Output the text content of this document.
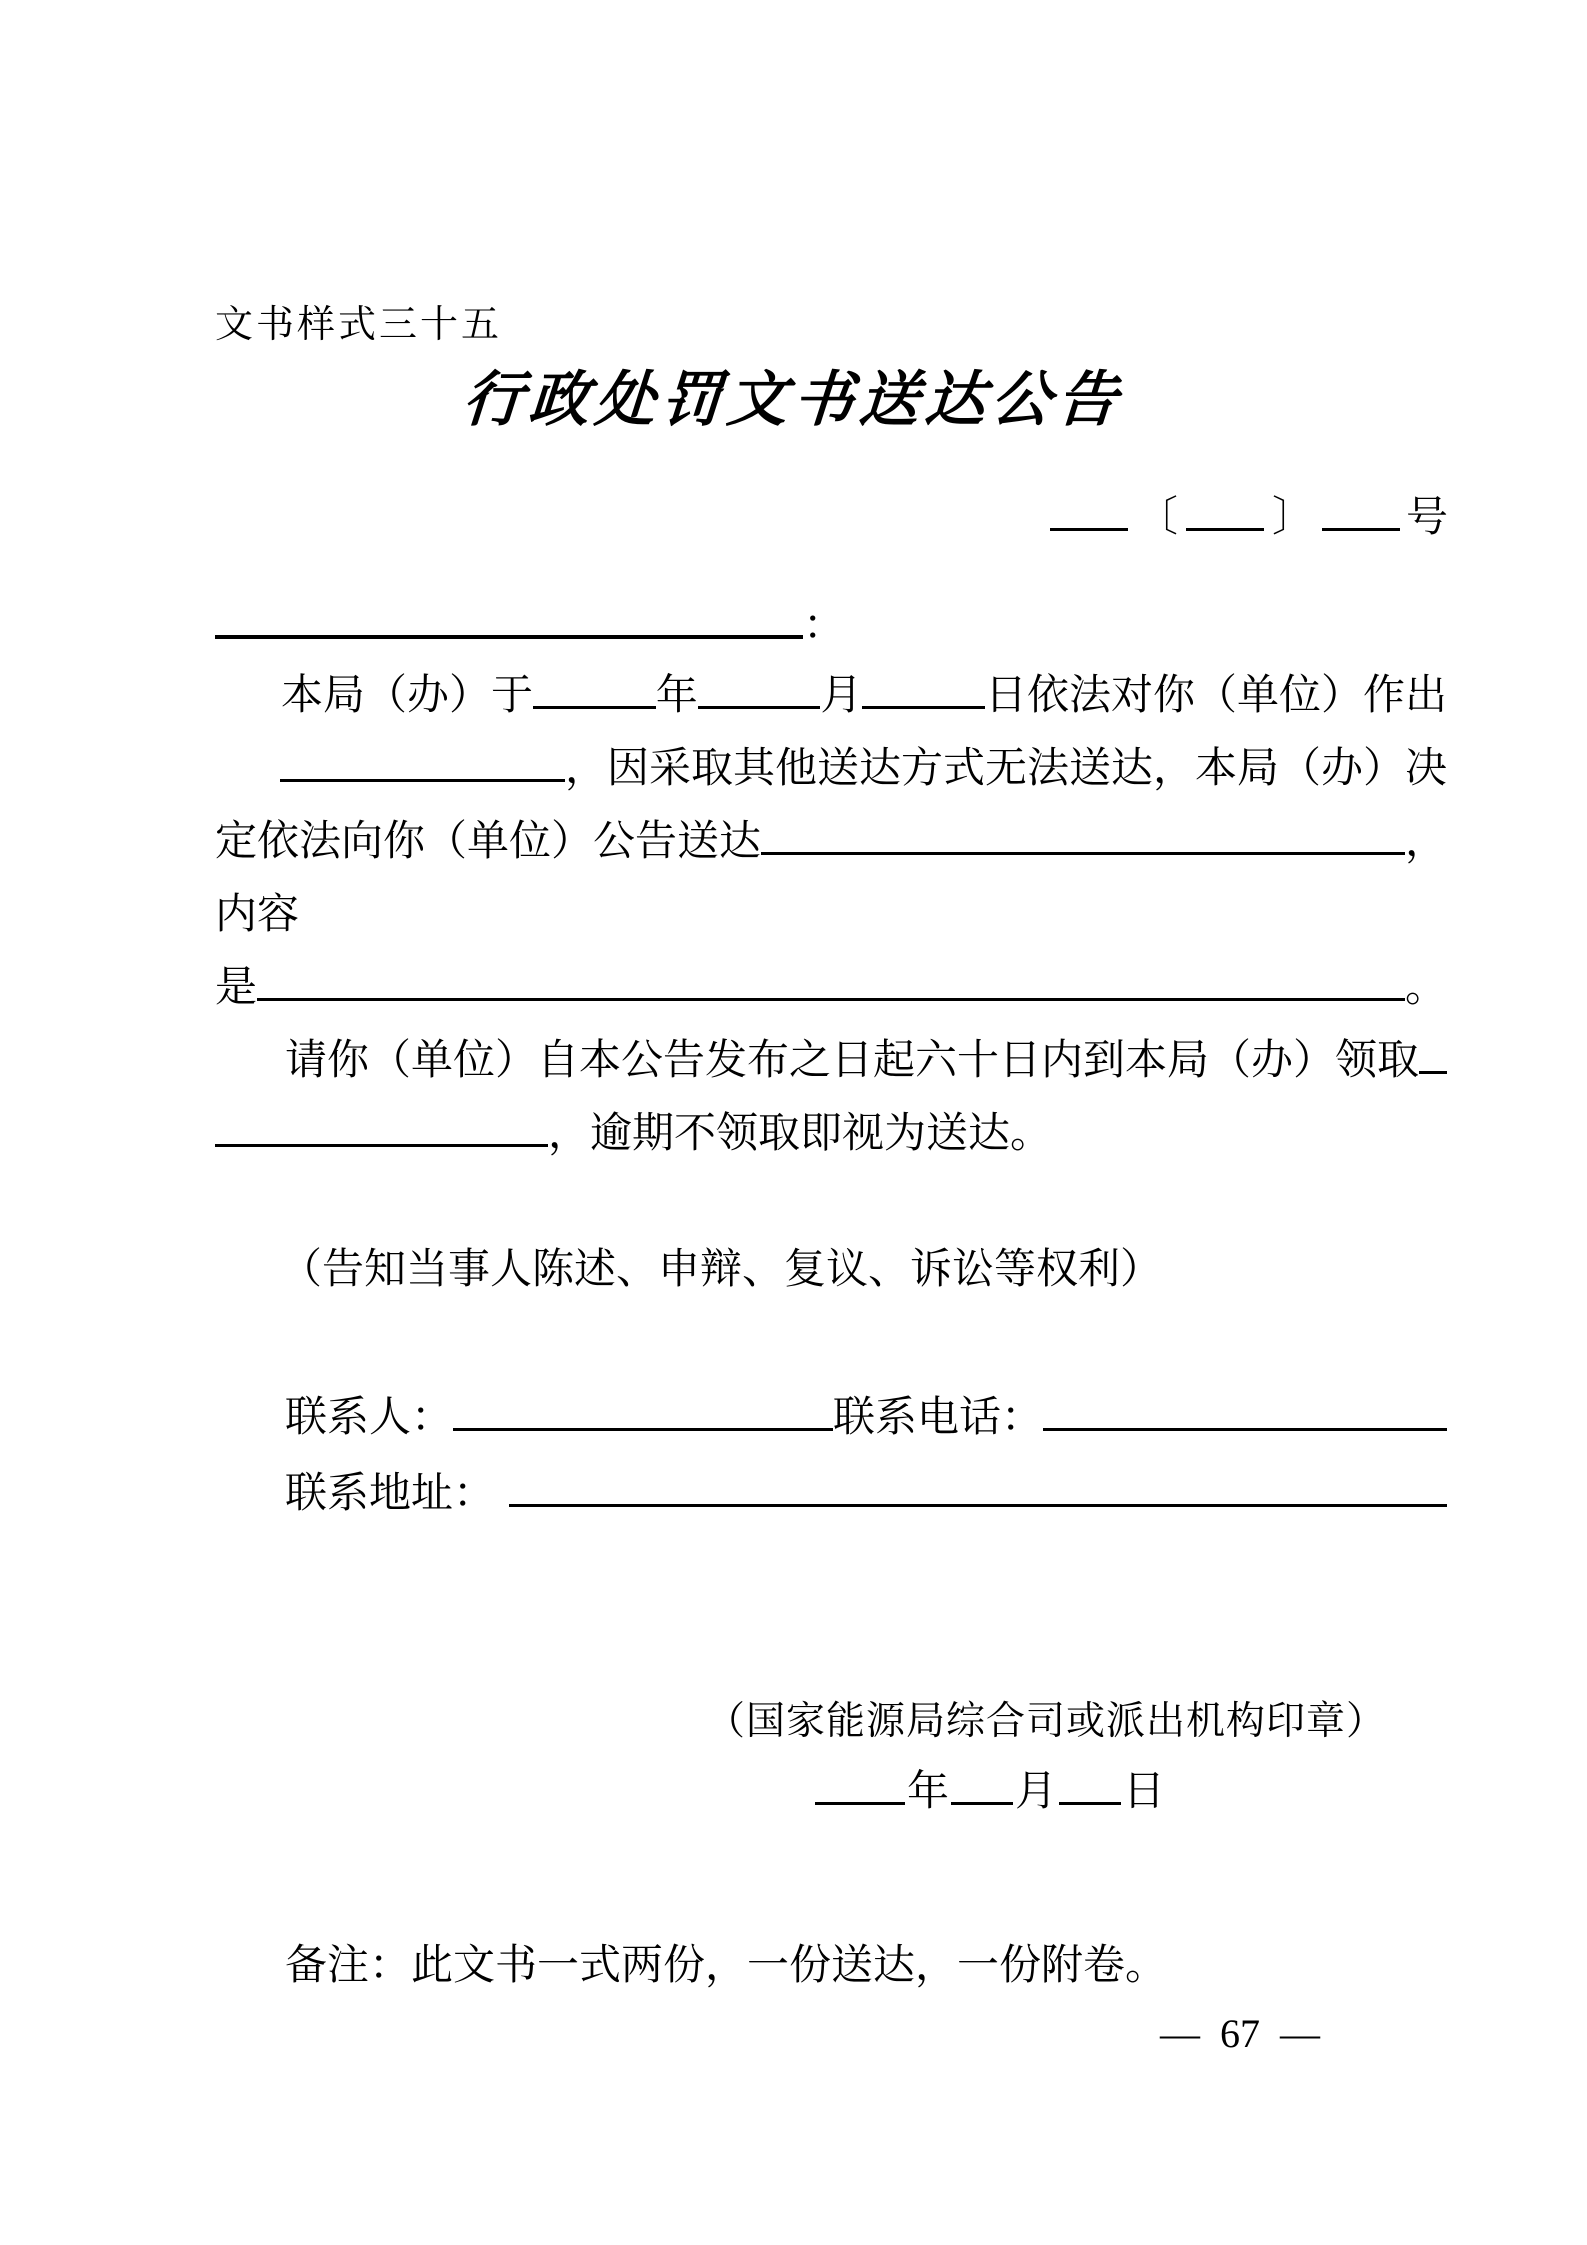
文书样式三十五
行政处罚文书送达公告
〔 〕 号
：
本局（办）于	年	月	日依法对你（单位）作出
，因采取其他送达方式无法送达，本局（办）决
定依法向你（单位）公告送达	，
内容
是	。
请你（单位）自本公告发布之日起六十日内到本局（办）领取
，逾期不领取即视为送达。
（告知当事人陈述、申辩、复议、诉讼等权利）
联系人：	联系电话：
联系地址：
（国家能源局综合司或派出机构印章）
年 月 日
备注：此文书一式两份，一份送达，一份附卷。
— 67 —
